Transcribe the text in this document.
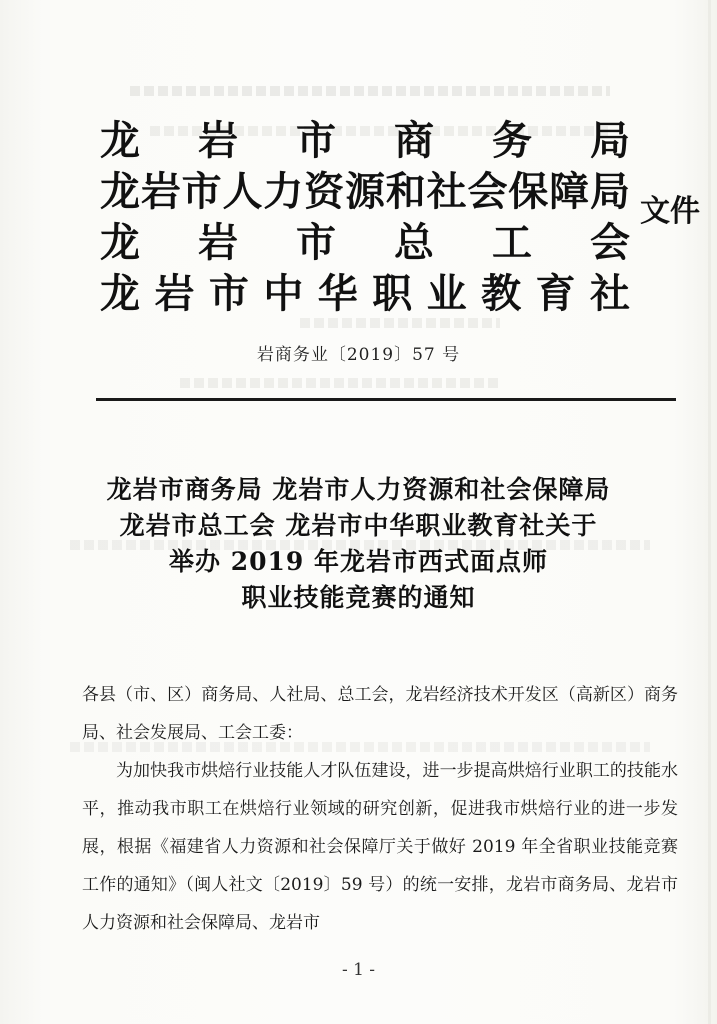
龙 岩 市 商 务 局
龙 岩 市 人 力 资 源 和 社 会 保 障 局
龙 岩 市 总 工 会
龙 岩 市 中 华 职 业 教 育 社
文件
岩商务业〔2019〕57 号
龙岩市商务局 龙岩市人力资源和社会保障局
龙岩市总工会 龙岩市中华职业教育社关于
举办 2019 年龙岩市西式面点师
职业技能竞赛的通知

各县（市、区）商务局、人社局、总工会，龙岩经济技术开发区（高新区）商务局、社会发展局、工会工委：

为加快我市烘焙行业技能人才队伍建设，进一步提高烘焙行业职工的技能水平，推动我市职工在烘焙行业领域的研究创新，促进我市烘焙行业的进一步发展，根据《福建省人力资源和社会保障厅关于做好 2019 年全省职业技能竞赛工作的通知》（闽人社文〔2019〕59 号）的统一安排，龙岩市商务局、龙岩市人力资源和社会保障局、龙岩市

- 1 -
